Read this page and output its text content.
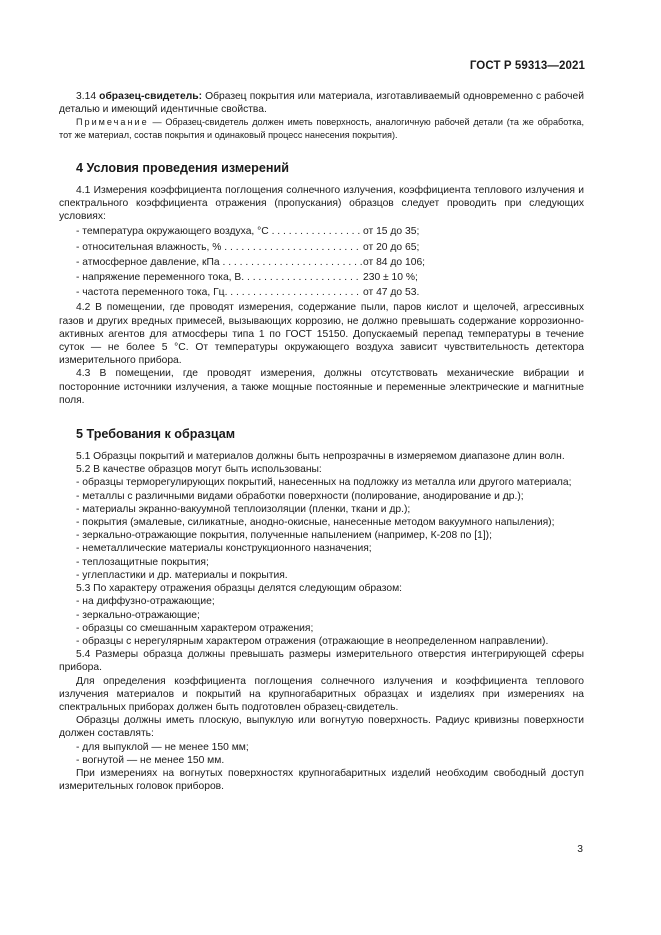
ГОСТ Р 59313—2021

3.14 образец-свидетель: Образец покрытия или материала, изготавливаемый одновременно с рабочей деталью и имеющий идентичные свойства.

Примечание — Образец-свидетель должен иметь поверхность, аналогичную рабочей детали (та же обработка, тот же материал, состав покрытия и одинаковый процесс нанесения покрытия).

4 Условия проведения измерений

4.1 Измерения коэффициента поглощения солнечного излучения, коэффициента теплового излучения и спектрального коэффициента отражения (пропускания) образцов следует проводить при следующих условиях:

- температура окружающего воздуха, °С . . .	от 15 до 35;
- относительная влажность, % . . .	от 20 до 65;
- атмосферное давление, кПа . . .	от 84 до 106;
- напряжение переменного тока, В. . . .	230 ± 10 %;
- частота переменного тока, Гц. . . .	от 47 до 53.

4.2 В помещении, где проводят измерения, содержание пыли, паров кислот и щелочей, агрессивных газов и других вредных примесей, вызывающих коррозию, не должно превышать содержание коррозионно-активных агентов для атмосферы типа 1 по ГОСТ 15150. Допускаемый перепад температуры в течение суток — не более 5 °С. От температуры окружающего воздуха зависит чувствительность детектора измерительного прибора.

4.3 В помещении, где проводят измерения, должны отсутствовать механические вибрации и посторонние источники излучения, а также мощные постоянные и переменные электрические и магнитные поля.

5 Требования к образцам

5.1 Образцы покрытий и материалов должны быть непрозрачны в измеряемом диапазоне длин волн.

5.2 В качестве образцов могут быть использованы:

- образцы терморегулирующих покрытий, нанесенных на подложку из металла или другого материала;

- металлы с различными видами обработки поверхности (полирование, анодирование и др.);

- материалы экранно-вакуумной теплоизоляции (пленки, ткани и др.);

- покрытия (эмалевые, силикатные, анодно-окисные, нанесенные методом вакуумного напыления);

- зеркально-отражающие покрытия, полученные напылением (например, К-208 по [1]);

- неметаллические материалы конструкционного назначения;

- теплозащитные покрытия;

- углепластики и др. материалы и покрытия.

5.3 По характеру отражения образцы делятся следующим образом:

- на диффузно-отражающие;

- зеркально-отражающие;

- образцы со смешанным характером отражения;

- образцы с нерегулярным характером отражения (отражающие в неопределенном направлении).

5.4 Размеры образца должны превышать размеры измерительного отверстия интегрирующей сферы прибора.

Для определения коэффициента поглощения солнечного излучения и коэффициента теплового излучения материалов и покрытий на крупногабаритных образцах и изделиях при измерениях на спектральных приборах должен быть подготовлен образец-свидетель.

Образцы должны иметь плоскую, выпуклую или вогнутую поверхность. Радиус кривизны поверхности должен составлять:

- для выпуклой — не менее 150 мм;

- вогнутой — не менее 150 мм.

При измерениях на вогнутых поверхностях крупногабаритных изделий необходим свободный доступ измерительных головок приборов.

3
